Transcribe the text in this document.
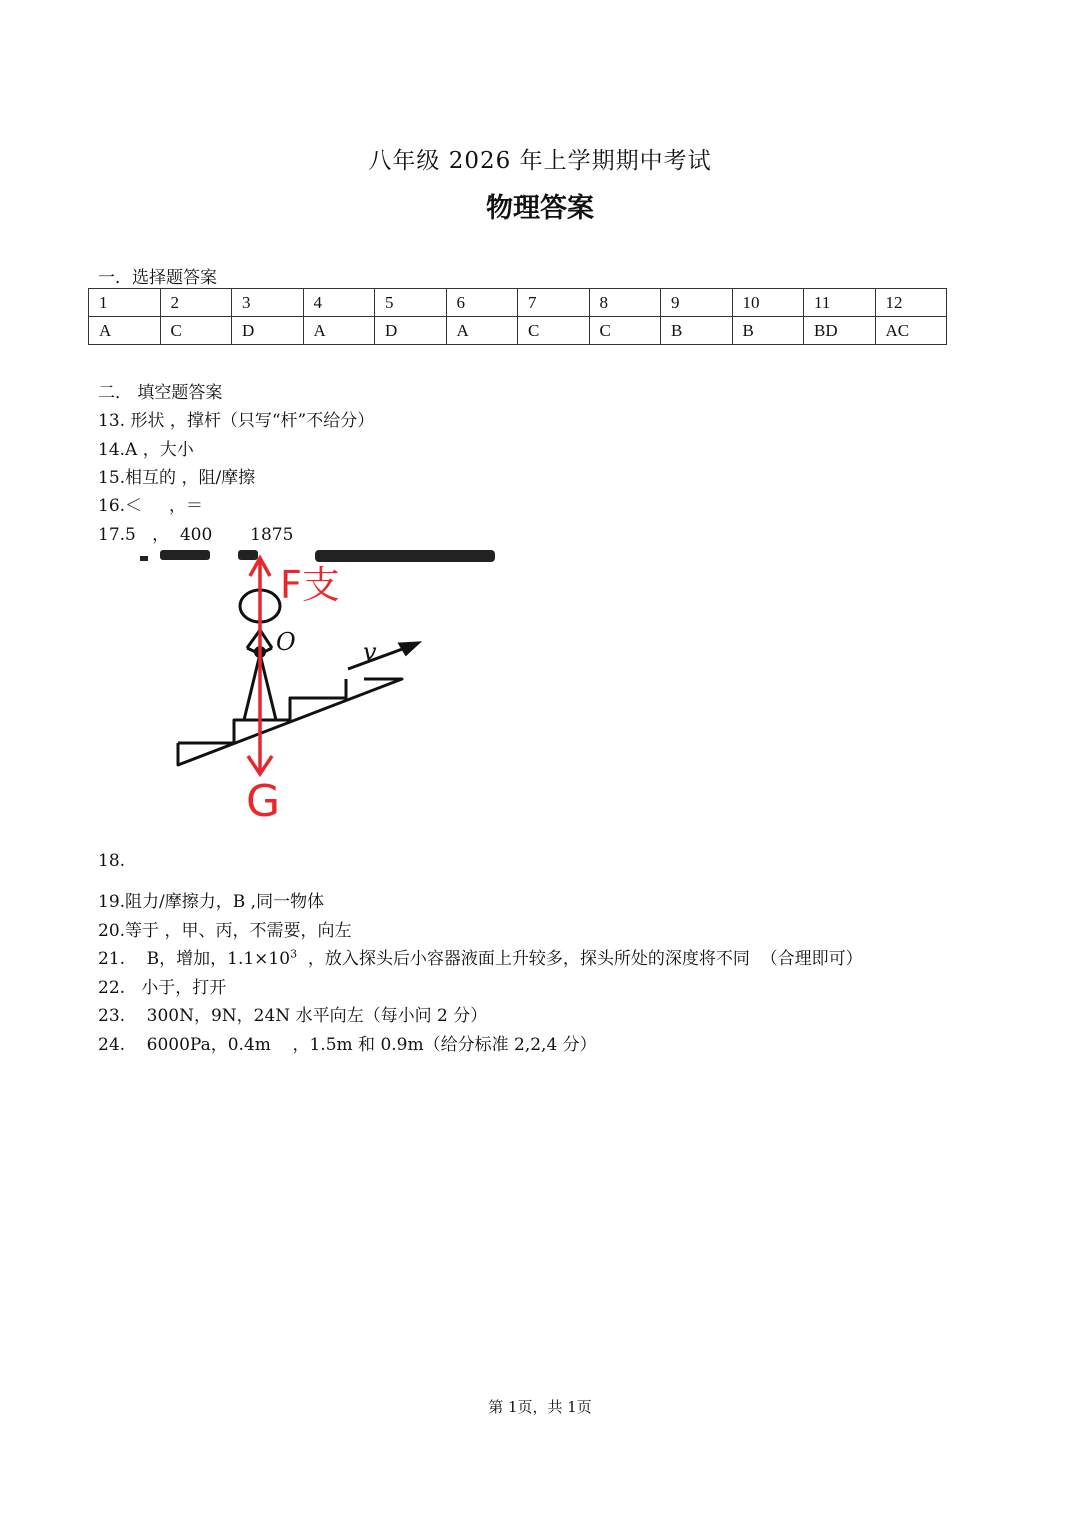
八年级 2026 年上学期期中考试
物理答案
一．选择题答案
1	2	3	4	5	6	7	8	9	10	11	12
A	C	D	A	D	A	C	C	B	B	BD	AC
二． 填空题答案
13. 形状 ，撑杆（只写“杆”不给分）
14.A ，大小
15.相互的 ，阻/摩擦
16.＜     ，＝
17.5   ，  400       1875
v
O
F支
G
18.
19.阻力/摩擦力，B ,同一物体
20.等于 ，甲、丙，不需要，向左
21.    B，增加，$1.1\times 10^3$  ，放入探头后小容器液面上升较多，探头所处的深度将不同  （合理即可）
22.   小于，打开
23.    300N，9N，24N 水平向左（每小问 2 分）
24.    6000Pa，0.4m    ，1.5m 和 0.9m（给分标准 2,2,4 分）
第 1页，共 1页
